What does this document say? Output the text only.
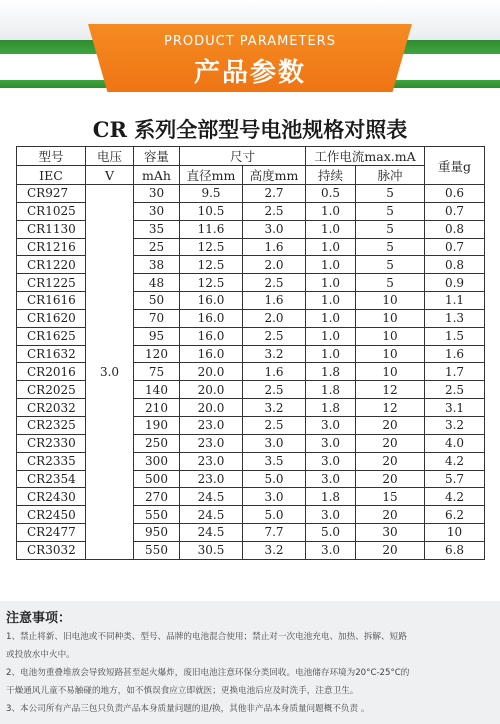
PRODUCT PARAMETERS
产品参数
CR 系列全部型号电池规格对照表
型号	电压	容量	尺寸		工作电流max.mA		重量g
IEC	V	mAh	直径mm	高度mm	持续	脉冲	
CR927	3.0	30	9.5	2.7	0.5	5	0.6
CR1025		30	10.5	2.5	1.0	5	0.7
CR1130		35	11.6	3.0	1.0	5	0.8
CR1216		25	12.5	1.6	1.0	5	0.7
CR1220		38	12.5	2.0	1.0	5	0.8
CR1225		48	12.5	2.5	1.0	5	0.9
CR1616		50	16.0	1.6	1.0	10	1.1
CR1620		70	16.0	2.0	1.0	10	1.3
CR1625		95	16.0	2.5	1.0	10	1.5
CR1632		120	16.0	3.2	1.0	10	1.6
CR2016		75	20.0	1.6	1.8	10	1.7
CR2025		140	20.0	2.5	1.8	12	2.5
CR2032		210	20.0	3.2	1.8	12	3.1
CR2325		190	23.0	2.5	3.0	20	3.2
CR2330		250	23.0	3.0	3.0	20	4.0
CR2335		300	23.0	3.5	3.0	20	4.2
CR2354		500	23.0	5.0	3.0	20	5.7
CR2430		270	24.5	3.0	1.8	15	4.2
CR2450		550	24.5	5.0	3.0	20	6.2
CR2477		950	24.5	7.7	5.0	30	10
CR3032		550	30.5	3.2	3.0	20	6.8
注意事项：

1、禁止将新、旧电池或不同种类、型号、品牌的电池混合使用；禁止对一次电池充电、加热、拆解、短路

或投放水中火中。

2、电池勿重叠堆放会导致短路甚至起火爆炸，废旧电池注意环保分类回收。电池储存环境为20°C-25°C的

干燥通风儿童不易触碰的地方，如不慎误食应立即就医；更换电池后应及时洗手，注意卫生。

3、本公司所有产品三包只负责产品本身质量问题的退/换，其他非产品本身质量问题概不负责 。
